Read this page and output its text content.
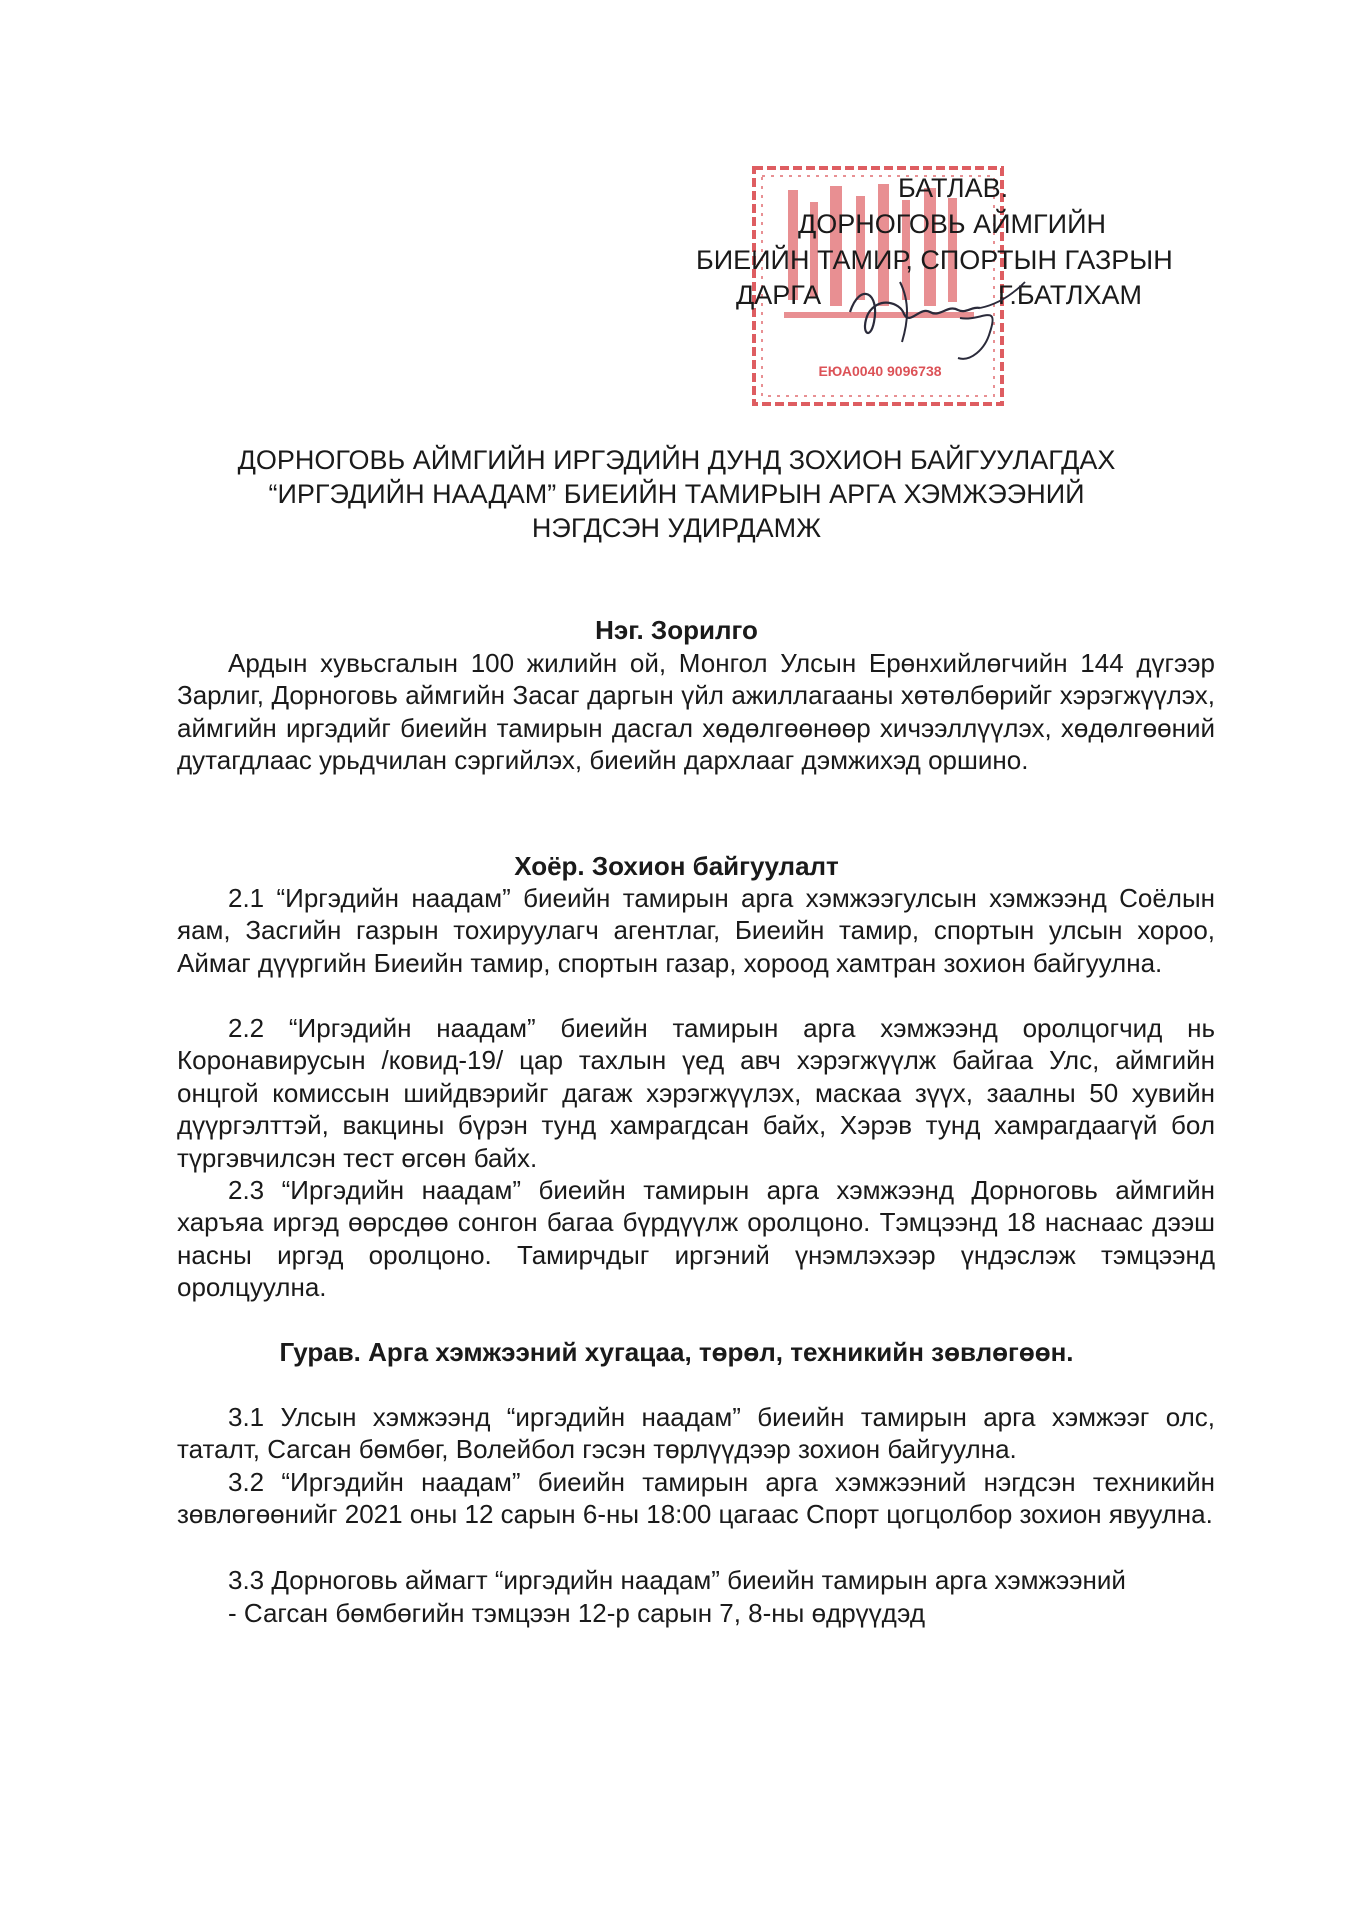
ЕЮА0040 9096738
БАТЛАВ.
ДОРНОГОВЬ АЙМГИЙН
БИЕИЙН ТАМИР, СПОРТЫН ГАЗРЫН
ДАРГА	Г.БАТЛХАМ
ДОРНОГОВЬ АЙМГИЙН ИРГЭДИЙН ДУНД ЗОХИОН БАЙГУУЛАГДАХ
“ИРГЭДИЙН НААДАМ” БИЕИЙН ТАМИРЫН АРГА ХЭМЖЭЭНИЙ
НЭГДСЭН УДИРДАМЖ
Нэг. Зорилго
Ардын хувьсгалын 100 жилийн ой, Монгол Улсын Ерөнхийлөгчийн 144 дүгээр Зарлиг, Дорноговь аймгийн Засаг даргын үйл ажиллагааны хөтөлбөрийг хэрэгжүүлэх, аймгийн иргэдийг биеийн тамирын дасгал хөдөлгөөнөөр хичээллүүлэх, хөдөлгөөний дутагдлаас урьдчилан сэргийлэх, биеийн дархлааг дэмжихэд оршино.
Хоёр. Зохион байгуулалт
2.1 “Иргэдийн наадам” биеийн тамирын арга хэмжээгулсын хэмжээнд Соёлын яам, Засгийн газрын тохируулагч агентлаг, Биеийн тамир, спортын улсын хороо, Аймаг дүүргийн Биеийн тамир, спортын газар, хороод хамтран зохион байгуулна.
2.2 “Иргэдийн наадам” биеийн тамирын арга хэмжээнд оролцогчид нь Коронавирусын /ковид-19/ цар тахлын үед авч хэрэгжүүлж байгаа Улс, аймгийн онцгой комиссын шийдвэрийг дагаж хэрэгжүүлэх, маскаа зүүх, заалны 50 хувийн дүүргэлттэй, вакцины бүрэн тунд хамрагдсан байх, Хэрэв тунд хамрагдаагүй бол түргэвчилсэн тест өгсөн байх.
2.3 “Иргэдийн наадам” биеийн тамирын арга хэмжээнд Дорноговь аймгийн харъяа иргэд өөрсдөө сонгон багаа бүрдүүлж оролцоно. Тэмцээнд 18 наснаас дээш насны иргэд оролцоно. Тамирчдыг иргэний үнэмлэхээр үндэслэж тэмцээнд оролцуулна.
Гурав. Арга хэмжээний хугацаа, төрөл, техникийн зөвлөгөөн.
3.1 Улсын хэмжээнд “иргэдийн наадам” биеийн тамирын арга хэмжээг олс, таталт, Сагсан бөмбөг, Волейбол гэсэн төрлүүдээр зохион байгуулна.
3.2 “Иргэдийн наадам” биеийн тамирын арга хэмжээний нэгдсэн техникийн зөвлөгөөнийг 2021 оны 12 сарын 6-ны 18:00 цагаас Спорт цогцолбор зохион явуулна.
3.3 Дорноговь аймагт “иргэдийн наадам” биеийн тамирын арга хэмжээний
- Сагсан бөмбөгийн тэмцээн 12-р сарын 7, 8-ны өдрүүдэд
